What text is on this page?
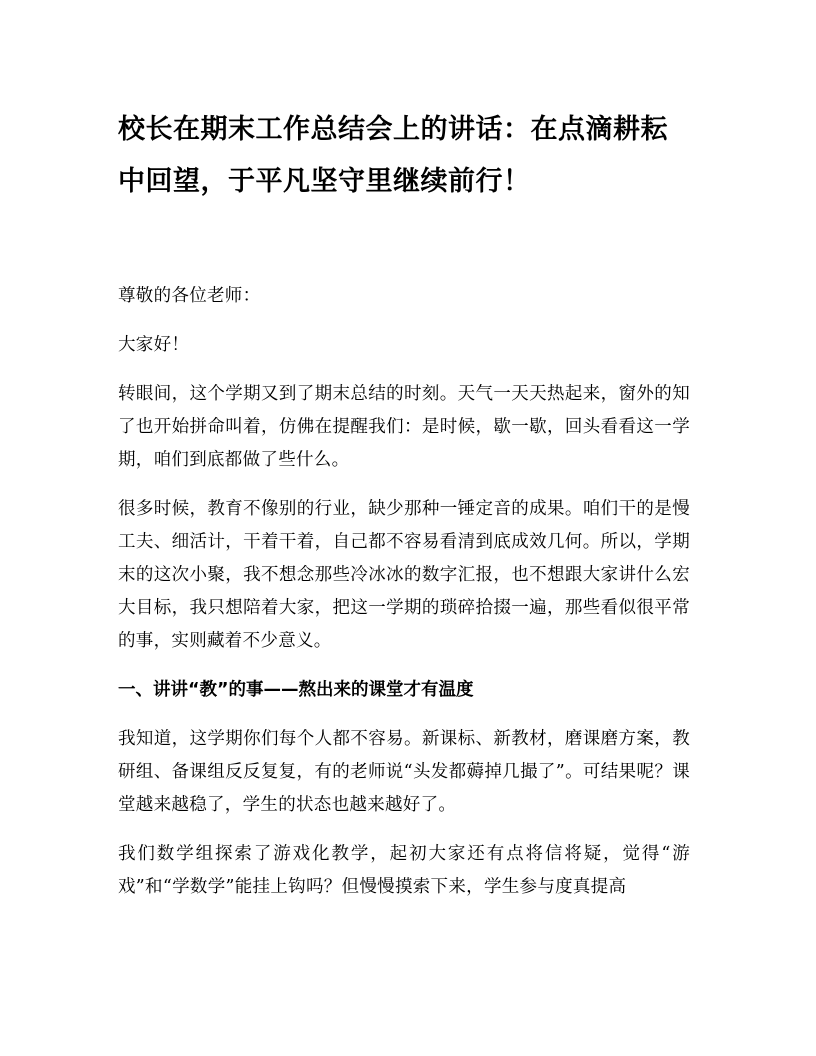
校长在期末工作总结会上的讲话：在点滴耕耘中回望，于平凡坚守里继续前行！

尊敬的各位老师：

大家好！

转眼间，这个学期又到了期末总结的时刻。天气一天天热起来，窗外的知了也开始拼命叫着，仿佛在提醒我们：是时候，歇一歇，回头看看这一学期，咱们到底都做了些什么。

很多时候，教育不像别的行业，缺少那种一锤定音的成果。咱们干的是慢工夫、细活计，干着干着，自己都不容易看清到底成效几何。所以，学期末的这次小聚，我不想念那些冷冰冰的数字汇报，也不想跟大家讲什么宏大目标，我只想陪着大家，把这一学期的琐碎拾掇一遍，那些看似很平常的事，实则藏着不少意义。

一、讲讲“教”的事——熬出来的课堂才有温度

我知道，这学期你们每个人都不容易。新课标、新教材，磨课磨方案，教研组、备课组反反复复，有的老师说“头发都薅掉几撮了”。可结果呢？课堂越来越稳了，学生的状态也越来越好了。

我们数学组探索了游戏化教学，起初大家还有点将信将疑，觉得“游戏”和“学数学”能挂上钩吗？但慢慢摸索下来，学生参与度真提高
